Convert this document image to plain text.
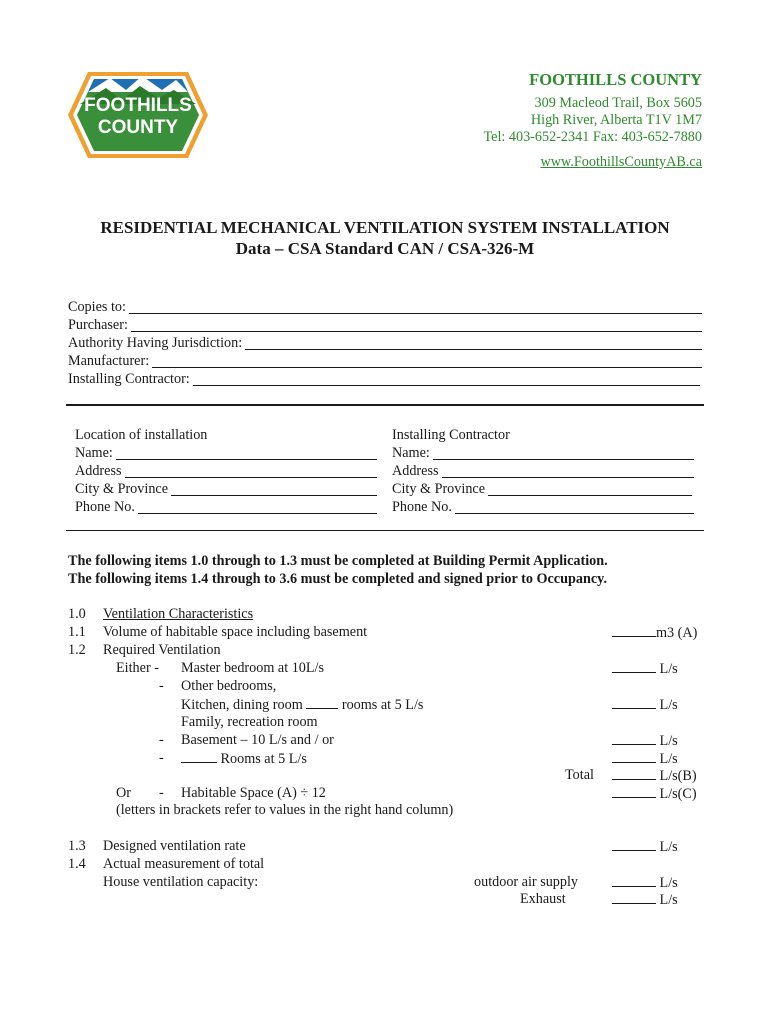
FOOTHILLS
COUNTY
FOOTHILLS COUNTY
309 Macleod Trail, Box 5605
High River, Alberta T1V 1M7
Tel: 403-652-2341 Fax: 403-652-7880
www.FoothillsCountyAB.ca
RESIDENTIAL MECHANICAL VENTILATION SYSTEM INSTALLATION
Data – CSA Standard CAN / CSA-326-M
Copies to:
Purchaser:
Authority Having Jurisdiction:
Manufacturer:
Installing Contractor:
Location of installation
Name:
Address
City & Province
Phone No.
Installing Contractor
Name:
Address
City & Province
Phone No.
The following items 1.0 through to 1.3 must be completed at Building Permit Application.
The following items 1.4 through to 3.6 must be completed and signed prior to Occupancy.
1.0 Ventilation Characteristics
1.1 Volume of habitable space including basement	m3 (A)
1.2 Required Ventilation
Either - Master bedroom at 10L/s	L/s
- Other bedrooms,
Kitchen, dining room	rooms at 5 L/s	L/s
Family, recreation room
- Basement – 10 L/s and / or	L/s
-	Rooms at 5 L/s	L/s
Total	L/s(B)
Or - Habitable Space (A) ÷ 12	L/s(C)
(letters in brackets refer to values in the right hand column)
1.3 Designed ventilation rate	L/s
1.4 Actual measurement of total
House ventilation capacity:	outdoor air supply	L/s
Exhaust	L/s
